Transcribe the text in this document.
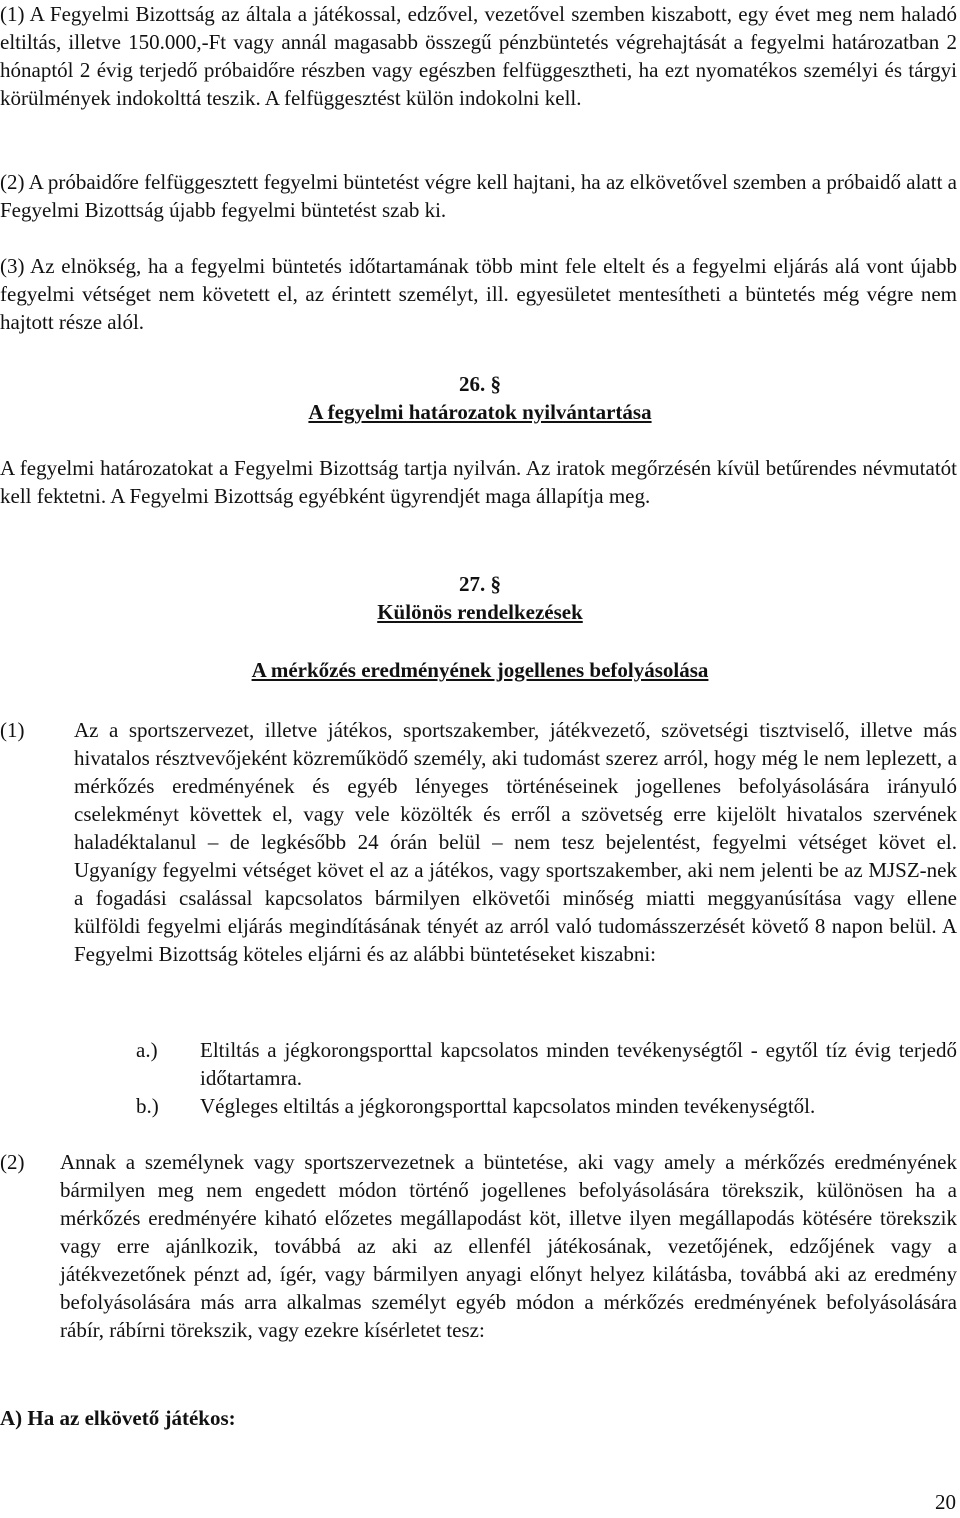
(1) A Fegyelmi Bizottság az általa a játékossal, edzővel, vezetővel szemben kiszabott, egy évet meg nem haladó eltiltás, illetve 150.000,-Ft vagy annál magasabb összegű pénzbüntetés végrehajtását a fegyelmi határozatban 2 hónaptól 2 évig terjedő próbaidőre részben vagy egészben felfüggesztheti, ha ezt nyomatékos személyi és tárgyi körülmények indokolttá teszik. A felfüggesztést külön indokolni kell.

(2) A próbaidőre felfüggesztett fegyelmi büntetést végre kell hajtani, ha az elkövetővel szemben a próbaidő alatt a Fegyelmi Bizottság újabb fegyelmi büntetést szab ki.

(3) Az elnökség, ha a fegyelmi büntetés időtartamának több mint fele eltelt és a fegyelmi eljárás alá vont újabb fegyelmi vétséget nem követett el, az érintett személyt, ill. egyesületet mentesítheti a büntetés még végre nem hajtott része alól.

26. §

A fegyelmi határozatok nyilvántartása

A fegyelmi határozatokat a Fegyelmi Bizottság tartja nyilván. Az iratok megőrzésén kívül betűrendes névmutatót kell fektetni. A Fegyelmi Bizottság egyébként ügyrendjét maga állapítja meg.

27. §

Különös rendelkezések

A mérkőzés eredményének jogellenes befolyásolása

(1) Az a sportszervezet, illetve játékos, sportszakember, játékvezető, szövetségi tisztviselő, illetve más hivatalos résztvevőjeként közreműködő személy, aki tudomást szerez arról, hogy még le nem leplezett, a mérkőzés eredményének és egyéb lényeges történéseinek jogellenes befolyásolására irányuló cselekményt követtek el, vagy vele közölték és erről a szövetség erre kijelölt hivatalos szervének haladéktalanul – de legkésőbb 24 órán belül – nem tesz bejelentést, fegyelmi vétséget követ el. Ugyanígy fegyelmi vétséget követ el az a játékos, vagy sportszakember, aki nem jelenti be az MJSZ-nek a fogadási csalással kapcsolatos bármilyen elkövetői minőség miatti meggyanúsítása vagy ellene külföldi fegyelmi eljárás megindításának tényét az arról való tudomásszerzését követő 8 napon belül. A Fegyelmi Bizottság köteles eljárni és az alábbi büntetéseket kiszabni:
a.) Eltiltás a jégkorongsporttal kapcsolatos minden tevékenységtől - egytől tíz évig terjedő időtartamra.
b.) Végleges eltiltás a jégkorongsporttal kapcsolatos minden tevékenységtől.
(2) Annak a személynek vagy sportszervezetnek a büntetése, aki vagy amely a mérkőzés eredményének bármilyen meg nem engedett módon történő jogellenes befolyásolására törekszik, különösen ha a mérkőzés eredményére kiható előzetes megállapodást köt, illetve ilyen megállapodás kötésére törekszik vagy erre ajánlkozik, továbbá az aki az ellenfél játékosának, vezetőjének, edzőjének vagy a játékvezetőnek pénzt ad, ígér, vagy bármilyen anyagi előnyt helyez kilátásba, továbbá aki az eredmény befolyásolására más arra alkalmas személyt egyéb módon a mérkőzés eredményének befolyásolására rábír, rábírni törekszik, vagy ezekre kísérletet tesz:

A) Ha az elkövető játékos:

20
